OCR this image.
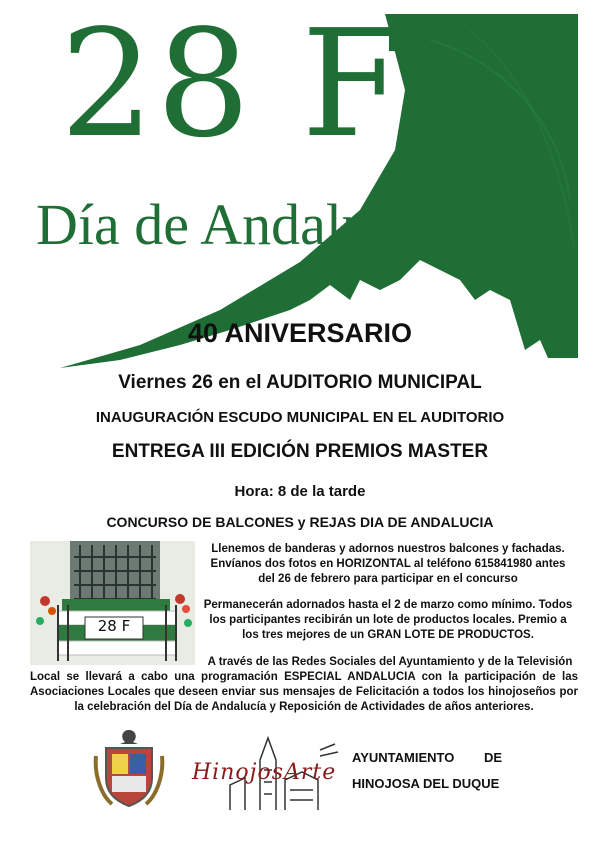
28 F
Día de Andalucía
40 ANIVERSARIO
Viernes 26 en el AUDITORIO MUNICIPAL
INAUGURACIÓN ESCUDO MUNICIPAL EN EL AUDITORIO
ENTREGA III EDICIÓN PREMIOS MASTER
Hora: 8 de la tarde
CONCURSO DE BALCONES y REJAS DIA DE ANDALUCIA
28 F
Llenemos de banderas y adornos nuestros balcones y fachadas. Envíanos dos fotos en HORIZONTAL al teléfono 615841980 antes del 26 de febrero para participar en el concurso
Permanecerán adornados hasta el 2 de marzo como mínimo. Todos los participantes recibirán un lote de productos locales. Premio a los tres mejores de un GRAN LOTE DE PRODUCTOS.
A través de las Redes Sociales del Ayuntamiento y de la Televisión
Local se llevará a cabo una programación ESPECIAL ANDALUCIA con la participación de las Asociaciones Locales que deseen enviar sus mensajes de Felicitación a todos los hinojoseños por la celebración del Día de Andalucía y Reposición de Actividades de años anteriores.
HinojosArte
AYUNTAMIENTO DE
HINOJOSA DEL DUQUE
